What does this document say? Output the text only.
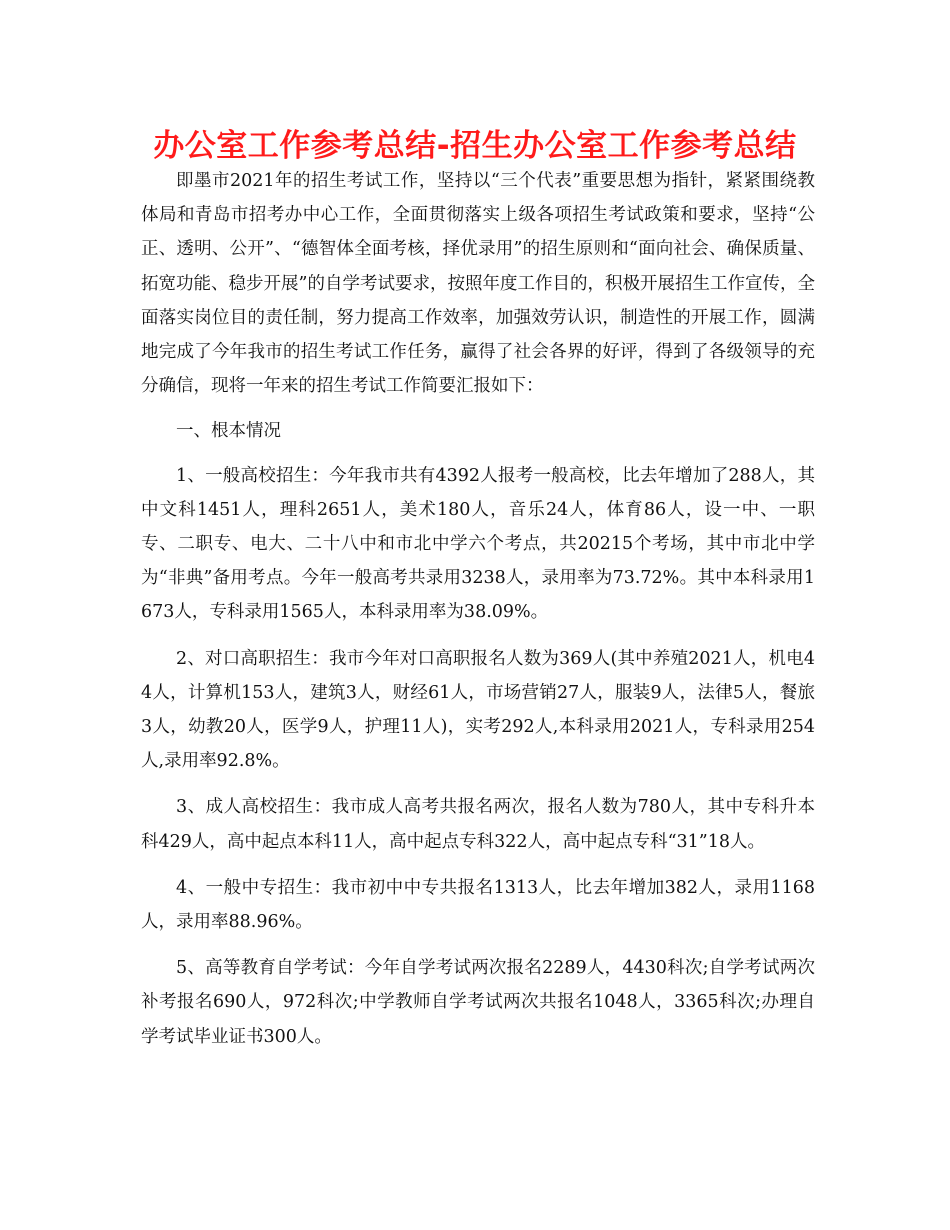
办公室工作参考总结-招生办公室工作参考总结

即墨市2021年的招生考试工作，坚持以“三个代表”重要思想为指针，紧紧围绕教体局和青岛市招考办中心工作，全面贯彻落实上级各项招生考试政策和要求，坚持“公正、透明、公开”、“德智体全面考核，择优录用”的招生原则和“面向社会、确保质量、拓宽功能、稳步开展”的自学考试要求，按照年度工作目的，积极开展招生工作宣传，全面落实岗位目的责任制，努力提高工作效率，加强效劳认识，制造性的开展工作，圆满地完成了今年我市的招生考试工作任务，赢得了社会各界的好评，得到了各级领导的充分确信，现将一年来的招生考试工作简要汇报如下：

一、根本情况

1、一般高校招生：今年我市共有4392人报考一般高校，比去年增加了288人，其中文科1451人，理科2651人，美术180人，音乐24人，体育86人，设一中、一职专、二职专、电大、二十八中和市北中学六个考点，共20215个考场，其中市北中学为“非典”备用考点。今年一般高考共录用3238人，录用率为73.72%。其中本科录用1673人，专科录用1565人，本科录用率为38.09%。

2、对口高职招生：我市今年对口高职报名人数为369人(其中养殖2021人，机电44人，计算机153人，建筑3人，财经61人，市场营销27人，服装9人，法律5人，餐旅3人，幼教20人，医学9人，护理11人)，实考292人,本科录用2021人，专科录用254人,录用率92.8%。

3、成人高校招生：我市成人高考共报名两次，报名人数为780人，其中专科升本科429人，高中起点本科11人，高中起点专科322人，高中起点专科“31”18人。

4、一般中专招生：我市初中中专共报名1313人，比去年增加382人，录用1168人，录用率88.96%。

5、高等教育自学考试：今年自学考试两次报名2289人，4430科次;自学考试两次补考报名690人，972科次;中学教师自学考试两次共报名1048人，3365科次;办理自学考试毕业证书300人。
